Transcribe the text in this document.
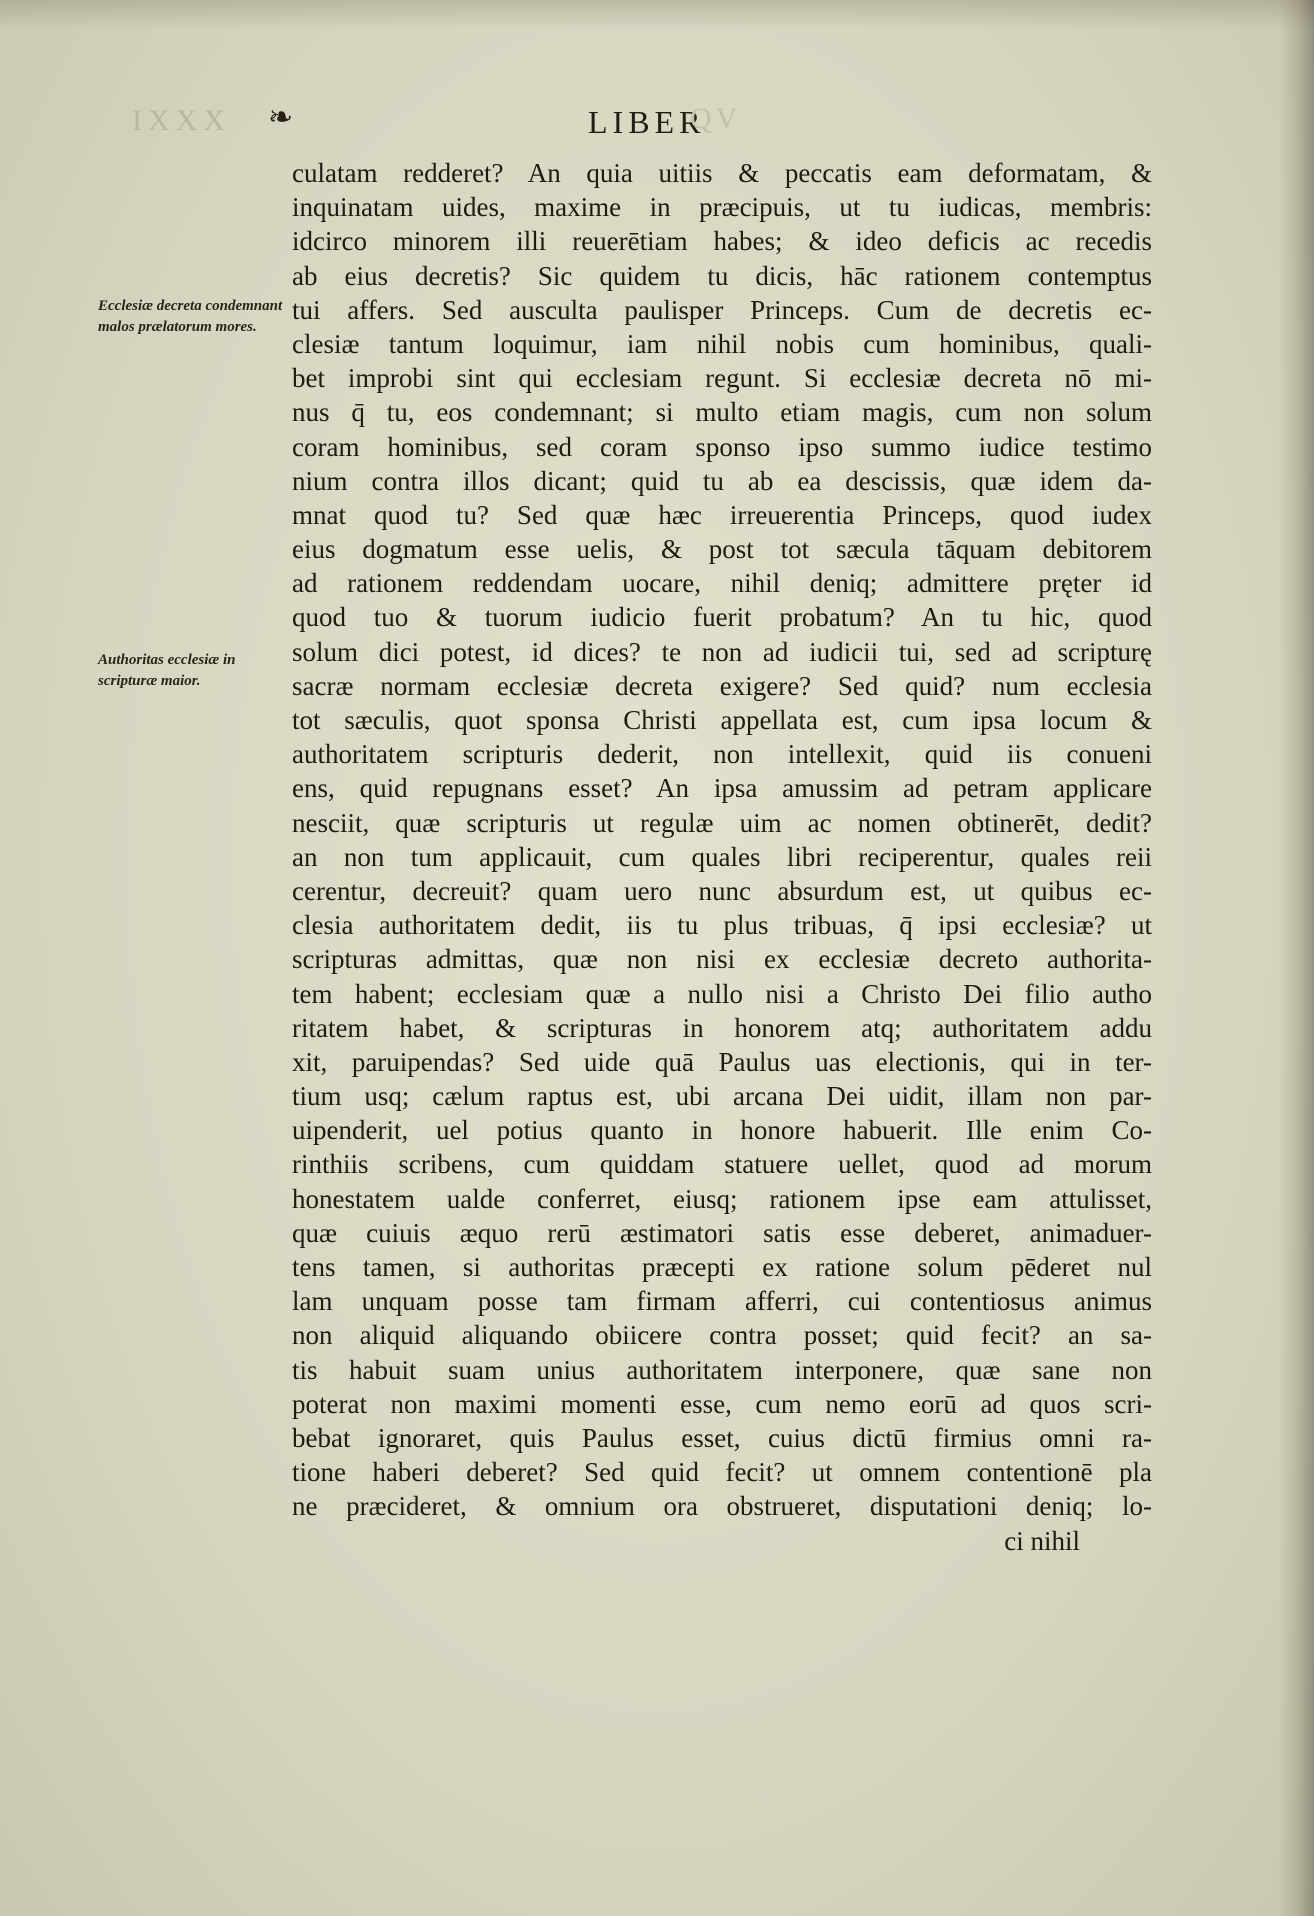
IXXX ❧	LIBER
QV
Ecclesiæ decreta condemnant malos prælatorum mores.
Authoritas ecclesiæ in scripturæ maior.
culatam redderet? An quia uitiis & peccatis eam deformatam, &
inquinatam uides, maxime in præcipuis, ut tu iudicas, membris:
idcirco minorem illi reuerētiam habes; & ideo deficis ac recedis
ab eius decretis? Sic quidem tu dicis, hāc rationem contemptus
tui affers. Sed ausculta paulisper Princeps. Cum de decretis ec-
clesiæ tantum loquimur, iam nihil nobis cum hominibus, quali-
bet improbi sint qui ecclesiam regunt. Si ecclesiæ decreta nō mi-
nus q̄ tu, eos condemnant; si multo etiam magis, cum non solum
coram hominibus, sed coram sponso ipso summo iudice testimo
nium contra illos dicant; quid tu ab ea descissis, quæ idem da-
mnat quod tu? Sed quæ hæc irreuerentia Princeps, quod iudex
eius dogmatum esse uelis, & post tot sæcula tāquam debitorem
ad rationem reddendam uocare, nihil deniq; admittere pręter id
quod tuo & tuorum iudicio fuerit probatum? An tu hic, quod
solum dici potest, id dices? te non ad iudicii tui, sed ad scripturę
sacræ normam ecclesiæ decreta exigere? Sed quid? num ecclesia
tot sæculis, quot sponsa Christi appellata est, cum ipsa locum &
authoritatem scripturis dederit, non intellexit, quid iis conueni
ens, quid repugnans esset? An ipsa amussim ad petram applicare
nesciit, quæ scripturis ut regulæ uim ac nomen obtinerēt, dedit?
an non tum applicauit, cum quales libri reciperentur, quales reii
cerentur, decreuit? quam uero nunc absurdum est, ut quibus ec-
clesia authoritatem dedit, iis tu plus tribuas, q̄ ipsi ecclesiæ? ut
scripturas admittas, quæ non nisi ex ecclesiæ decreto authorita-
tem habent; ecclesiam quæ a nullo nisi a Christo Dei filio autho
ritatem habet, & scripturas in honorem atq; authoritatem addu
xit, paruipendas? Sed uide quā Paulus uas electionis, qui in ter-
tium usq; cælum raptus est, ubi arcana Dei uidit, illam non par-
uipenderit, uel potius quanto in honore habuerit. Ille enim Co-
rinthiis scribens, cum quiddam statuere uellet, quod ad morum
honestatem ualde conferret, eiusq; rationem ipse eam attulisset,
quæ cuiuis æquo rerū æstimatori satis esse deberet, animaduer-
tens tamen, si authoritas præcepti ex ratione solum pēderet nul
lam unquam posse tam firmam afferri, cui contentiosus animus
non aliquid aliquando obiicere contra posset; quid fecit? an sa-
tis habuit suam unius authoritatem interponere, quæ sane non
poterat non maximi momenti esse, cum nemo eorū ad quos scri-
bebat ignoraret, quis Paulus esset, cuius dictū firmius omni ra-
tione haberi deberet? Sed quid fecit? ut omnem contentionē pla
ne præcideret, & omnium ora obstrueret, disputationi deniq; lo-
ci nihil
